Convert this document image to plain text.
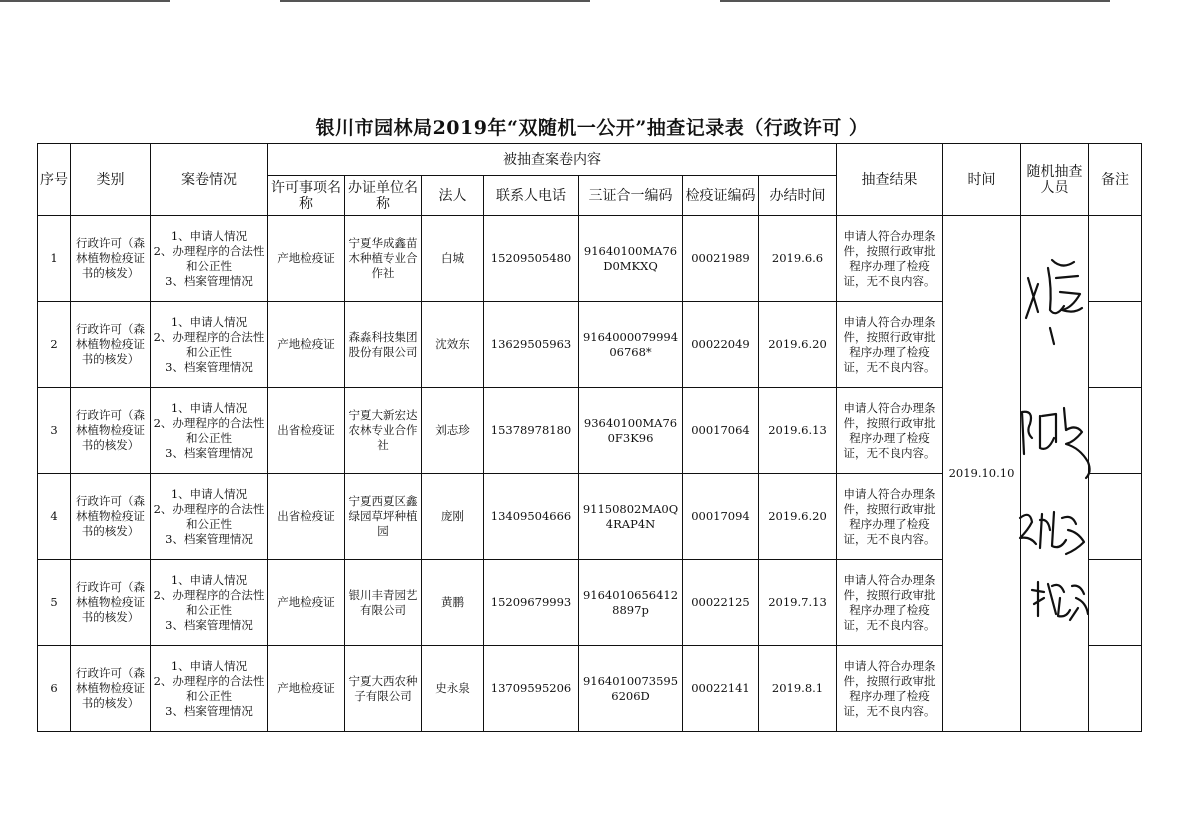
银川市园林局2019年“双随机一公开”抽查记录表（行政许可 ）
序号	类别	案卷情况	被抽查案卷内容							抽查结果	时间	随机抽查人员	备注
			许可事项名称	办证单位名称	法人	联系人电话	三证合一编码	检疫证编码	办结时间				
1	行政许可（森林植物检疫证书的核发）	1、申请人情况
2、办理程序的合法性和公正性
3、档案管理情况	产地检疫证	宁夏华成鑫苗木种植专业合作社	白城	15209505480	91640100MA76D0MKXQ	00021989	2019.6.6	申请人符合办理条件，按照行政审批程序办理了检疫证，无不良内容。	2019.10.10		
2	行政许可（森林植物检疫证书的核发）	1、申请人情况
2、办理程序的合法性和公正性
3、档案管理情况	产地检疫证	森淼科技集团股份有限公司	沈效东	13629505963	916400007999406768*	00022049	2019.6.20	申请人符合办理条件，按照行政审批程序办理了检疫证，无不良内容。			
3	行政许可（森林植物检疫证书的核发）	1、申请人情况
2、办理程序的合法性和公正性
3、档案管理情况	出省检疫证	宁夏大新宏达农林专业合作社	刘志珍	15378978180	93640100MA760F3K96	00017064	2019.6.13	申请人符合办理条件，按照行政审批程序办理了检疫证，无不良内容。			
4	行政许可（森林植物检疫证书的核发）	1、申请人情况
2、办理程序的合法性和公正性
3、档案管理情况	出省检疫证	宁夏西夏区鑫绿园草坪种植园	庞刚	13409504666	91150802MA0Q4RAP4N	00017094	2019.6.20	申请人符合办理条件，按照行政审批程序办理了检疫证，无不良内容。			
5	行政许可（森林植物检疫证书的核发）	1、申请人情况
2、办理程序的合法性和公正性
3、档案管理情况	产地检疫证	银川丰青园艺有限公司	黄鹏	15209679993	91640106564128897p	00022125	2019.7.13	申请人符合办理条件，按照行政审批程序办理了检疫证，无不良内容。			
6	行政许可（森林植物检疫证书的核发）	1、申请人情况
2、办理程序的合法性和公正性
3、档案管理情况	产地检疫证	宁夏大西农种子有限公司	史永泉	13709595206	91640100735956206D	00022141	2019.8.1	申请人符合办理条件，按照行政审批程序办理了检疫证，无不良内容。			
